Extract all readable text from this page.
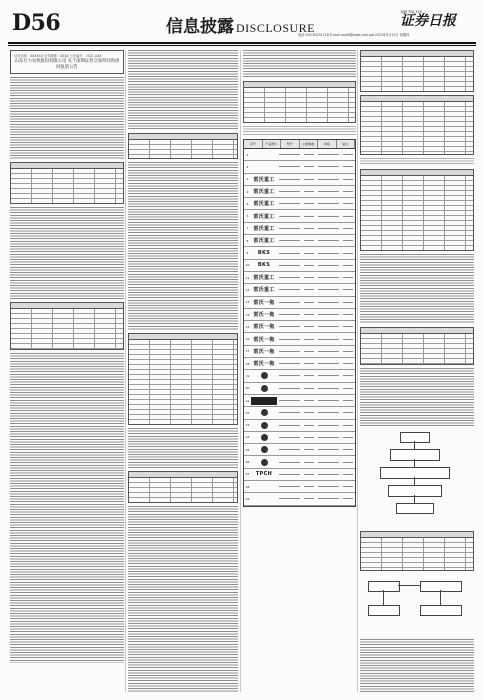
D56	信息披露 DISCLOSURE
编辑 责编 XXX
证券日报
电话 010-83251716 E-mail zqrb9@zqrb.sina.net 2021年5月13日 星期四
证券代码：XXXXXX 证券简称：XXXX 公告编号：2021-XXX
山东巨力农机股份有限公司 关于深圳证券交易所问询函 回复的公告
序号	产品图片	型号	主要参数	价格	备注
1
2
3 雷沃重工
4 雷沃重工
5 雷沃重工
6 雷沃重工
7 雷沃重工
8 雷沃重工
9	BKS
10	BKS
11 雷沃重工
12 雷沃重工
13 雷沃一拖
14 雷沃一拖
15 雷沃一拖
16 雷沃一拖
17 雷沃一拖
18 雷沃一拖
19
20
21
22
23
24
25
26
27	TPCH
28
29
